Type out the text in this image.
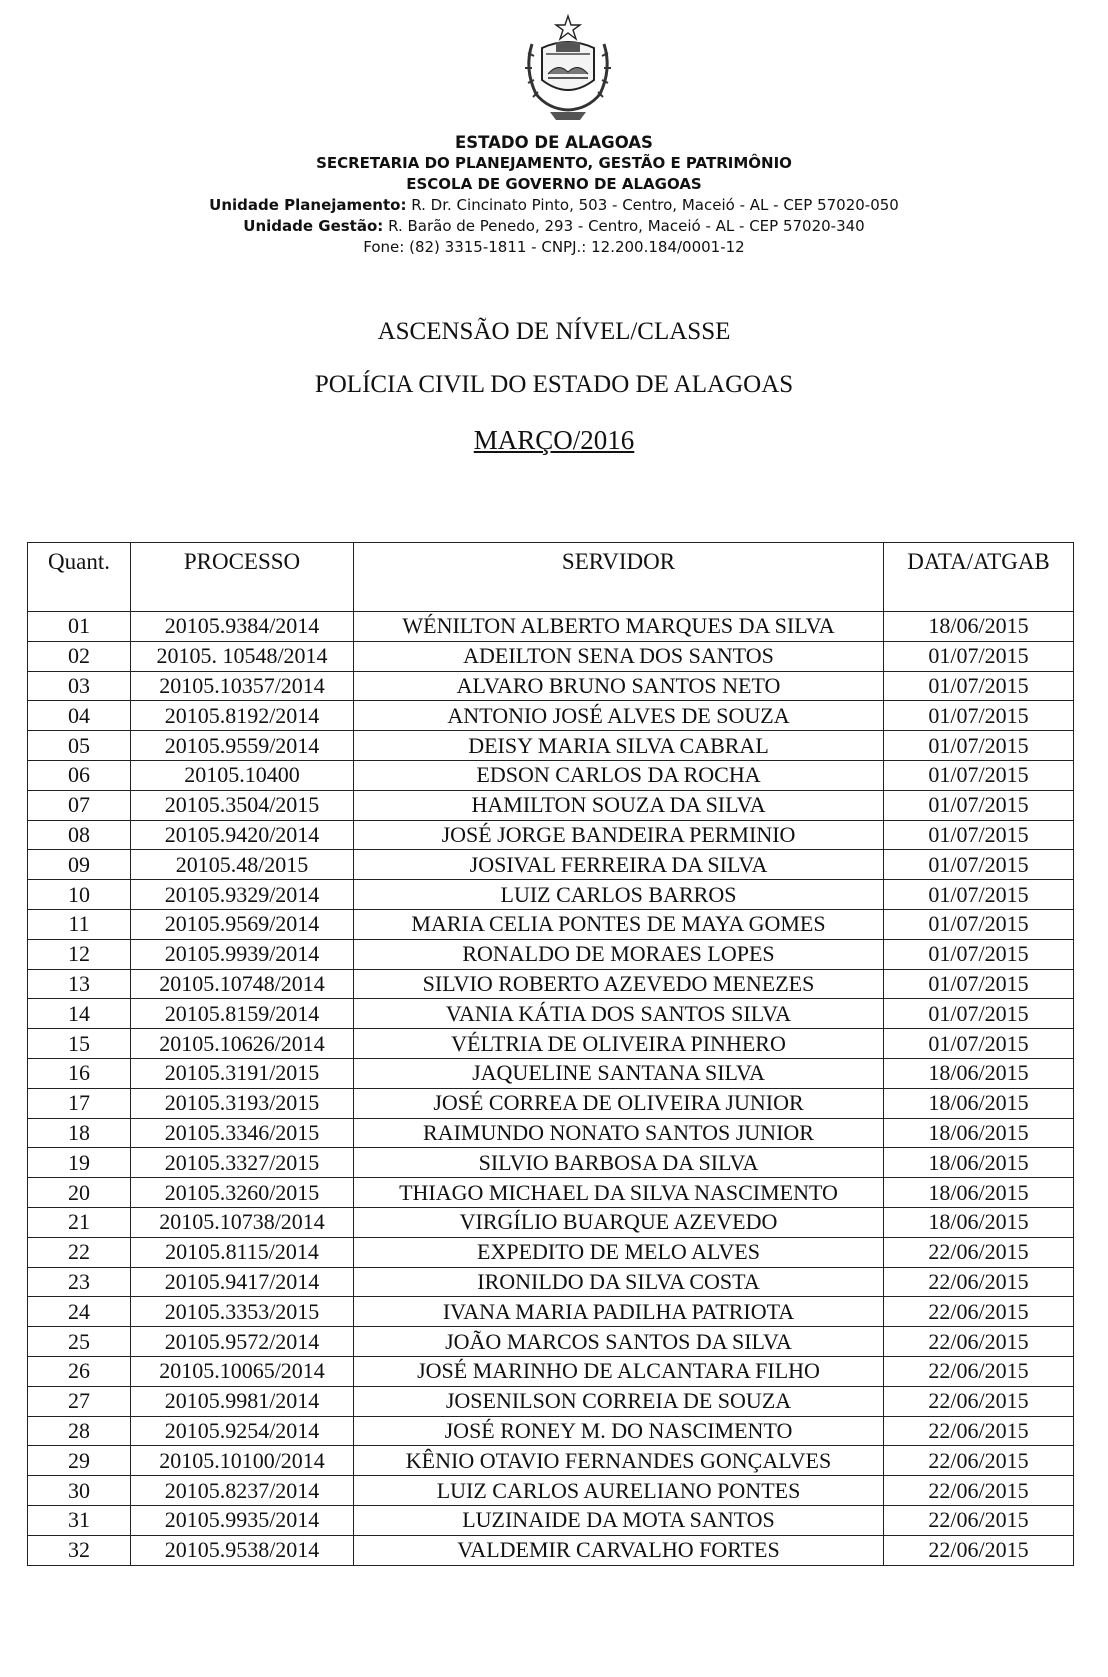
ESTADO DE ALAGOAS
SECRETARIA DO PLANEJAMENTO, GESTÃO E PATRIMÔNIO
ESCOLA DE GOVERNO DE ALAGOAS
Unidade Planejamento: R. Dr. Cincinato Pinto, 503 - Centro, Maceió - AL - CEP 57020-050
Unidade Gestão: R. Barão de Penedo, 293 - Centro, Maceió - AL - CEP 57020-340
Fone: (82) 3315-1811 - CNPJ.: 12.200.184/0001-12
ASCENSÃO DE NÍVEL/CLASSE
POLÍCIA CIVIL DO ESTADO DE ALAGOAS
MARÇO/2016
Quant.	PROCESSO	SERVIDOR	DATA/ATGAB
01	20105.9384/2014	WÉNILTON ALBERTO MARQUES DA SILVA	18/06/2015
02	20105. 10548/2014	ADEILTON SENA DOS SANTOS	01/07/2015
03	20105.10357/2014	ALVARO BRUNO SANTOS NETO	01/07/2015
04	20105.8192/2014	ANTONIO JOSÉ ALVES DE SOUZA	01/07/2015
05	20105.9559/2014	DEISY MARIA SILVA CABRAL	01/07/2015
06	20105.10400	EDSON CARLOS DA ROCHA	01/07/2015
07	20105.3504/2015	HAMILTON SOUZA DA SILVA	01/07/2015
08	20105.9420/2014	JOSÉ JORGE BANDEIRA PERMINIO	01/07/2015
09	20105.48/2015	JOSIVAL FERREIRA DA SILVA	01/07/2015
10	20105.9329/2014	LUIZ CARLOS BARROS	01/07/2015
11	20105.9569/2014	MARIA CELIA PONTES DE MAYA GOMES	01/07/2015
12	20105.9939/2014	RONALDO DE MORAES LOPES	01/07/2015
13	20105.10748/2014	SILVIO ROBERTO AZEVEDO MENEZES	01/07/2015
14	20105.8159/2014	VANIA KÁTIA DOS SANTOS SILVA	01/07/2015
15	20105.10626/2014	VÉLTRIA DE OLIVEIRA PINHERO	01/07/2015
16	20105.3191/2015	JAQUELINE SANTANA SILVA	18/06/2015
17	20105.3193/2015	JOSÉ CORREA DE OLIVEIRA JUNIOR	18/06/2015
18	20105.3346/2015	RAIMUNDO NONATO SANTOS JUNIOR	18/06/2015
19	20105.3327/2015	SILVIO BARBOSA DA SILVA	18/06/2015
20	20105.3260/2015	THIAGO MICHAEL DA SILVA NASCIMENTO	18/06/2015
21	20105.10738/2014	VIRGÍLIO BUARQUE AZEVEDO	18/06/2015
22	20105.8115/2014	EXPEDITO DE MELO ALVES	22/06/2015
23	20105.9417/2014	IRONILDO DA SILVA COSTA	22/06/2015
24	20105.3353/2015	IVANA MARIA PADILHA PATRIOTA	22/06/2015
25	20105.9572/2014	JOÃO MARCOS SANTOS DA SILVA	22/06/2015
26	20105.10065/2014	JOSÉ MARINHO DE ALCANTARA FILHO	22/06/2015
27	20105.9981/2014	JOSENILSON CORREIA DE SOUZA	22/06/2015
28	20105.9254/2014	JOSÉ RONEY M. DO NASCIMENTO	22/06/2015
29	20105.10100/2014	KÊNIO OTAVIO FERNANDES GONÇALVES	22/06/2015
30	20105.8237/2014	LUIZ CARLOS AURELIANO PONTES	22/06/2015
31	20105.9935/2014	LUZINAIDE DA MOTA SANTOS	22/06/2015
32	20105.9538/2014	VALDEMIR CARVALHO FORTES	22/06/2015
